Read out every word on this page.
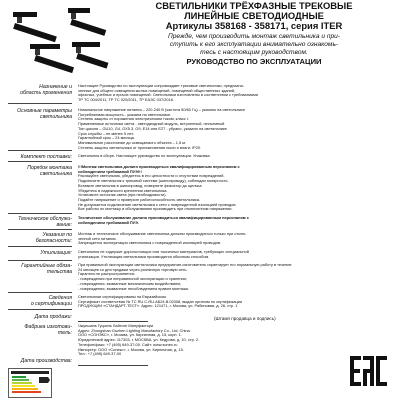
СВЕТИЛЬНИКИ ТРЁХФАЗНЫЕ ТРЕКОВЫЕ
ЛИНЕЙНЫЕ СВЕТОДИОДНЫЕ
Артикулы 358168 - 358171, серия ITER
Прежде, чем производить монтаж светильника и при-
ступить к его эксплуатации внимательно ознакомь-
тесь с настоящим руководством.
РУКОВОДСТВО ПО ЭКСПЛУАТАЦИИ
Назначение и
область применения

Настоящее Руководство по эксплуатации сопровождает трековые светильники, предназна-

ченные для общего освещения жилых помещений, помещений общественных зданий,

офисных, учебных и прочих помещений. Светильники изготовлены в соответствии с требованиями

ТР ТС 004/2011, ТР ТС 020/2011, ТР ЕАЭС 037/2016.

Основные параметры
светильника

Номинальное напряжение питания – 220-240 В (частота 50/60 Гц) – указано на светильнике

Потребляемая мощность - указана на светильнике.

Степень защиты от поражения электрическим током: класс I.

Применяемые источники света - светодиодный модуль, встроенный, несъемный.

Тип цоколя – GU10, G4, GX5.3, G9, E14 или E27 - убрано, указано на светильнике.

Срок службы – не менее 5 лет.

Гарантийный срок – 24 месяца.

Минимальное расстояние до освещаемого объекта – 1,5 м.

Степень защиты светильника от проникновения пыли и влаги: IP20.

Комплект поставки: Светильник в сборе. Настоящее руководство по эксплуатации. Упаковка.

Порядок монтажа
светильника

!!!Монтаж светильника должен производиться квалифицированным персоналом с

соблюдением требований ПУЭ!!!

Распакуйте светильник, убедитесь в его целостности и отсутствии повреждений.

Подключите светильник к трековой системе (шинопроводу), соблюдая полярность.

Вставьте светильник в шинопровод, поверните фиксатор до щелчка.

Убедитесь в надежности крепления светильника.

Установите источник света (при необходимости).

Подайте напряжение и проверьте работоспособность светильника.

Не допускается подключение светильника к сети с поврежденной изоляцией проводов.

Все работы по монтажу и обслуживанию производить при отключенном напряжении.

Техническое обслужи-
вание:

Техническое обслуживание должно производиться квалифицированным персоналом с

соблюдением требований ПУЭ.

Указания по
безопасности:

Монтаж и техническое обслуживание светильника должны производиться только при отклю-

ченной сети питания.

Запрещается эксплуатация светильника с поврежденной изоляцией проводов.

Утилизация: Светильник не содержит дорогостоящих или токсичных материалов, требующих специальной

утилизации. Утилизация светильника производится обычным способом.

Гарантийные обяза-
тельства

При правильной эксплуатации светильника предприятие-изготовитель гарантирует его нормальную работу в течение

24 месяцев со дня продажи через розничную торговую сеть.

Гарантия не распространяется:

- повреждения при неправильной эксплуатации и хранении;

- повреждения, вызванные механическим воздействием;

- повреждения, вызванные несоблюдением правил монтажа.

Сведения
о сертификации

Светильники сертифицированы на Евразийском

Сертификат соответствия № ТС RU С-RU.АБ24.В.02308, выдан органом по сертификации

ПРОДУКЦИИ «СТАНДАРТ-ТЕСТ». Адрес: 121471, г. Москва, ул. Рябиновая, д. 26, стр. 1

Дата продажи:	(Штамп продавца и подпись)
Фабрика изготови-
тель:

Чжуншань Гуцзэнь Лайтинг Мануфактори

Адрес: Zhongshan Guzhen Lighting Manufactory Co., Ltd, China.

ООО «СОНЭКС», г. Москва, ул. Кирпичная, д. 15, корп. 1.

Юридический адрес: 117303, г. МОСКВА, ул. Кедрова, д. 10, стр. 2.

Телефон/факс: +7 (495) 649-37-00. Сайт: www.sonex.ru

Импортер: ООО «Сонекс», г. Москва, ул. Кирпичная, д. 15.

Тел.: +7 (495) 649-37-00

Дата производства:
